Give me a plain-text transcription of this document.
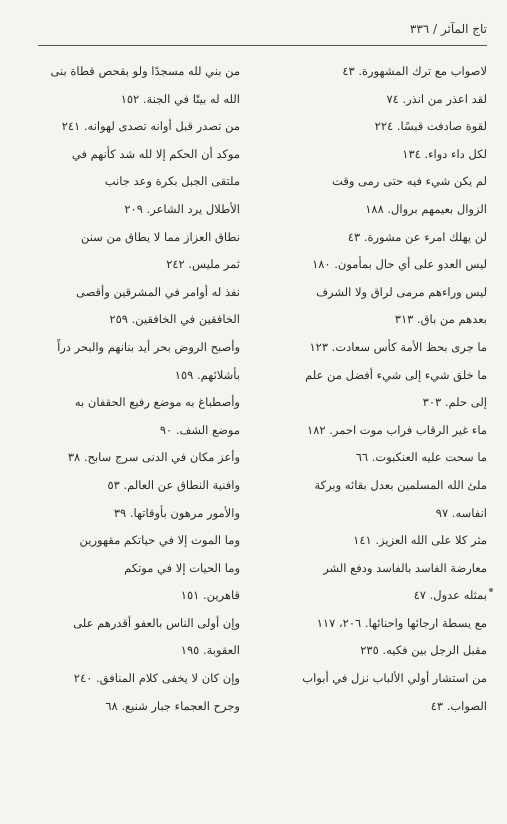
تاج المآثر / ٣٣٦
لاصواب مع ترك المشهورة. ٤٣
لقد اعذر من انذر. ٧٤
لقوة صادفت قبسًا. ٢٢٤
لكل داء دواء. ١٣٤
لم يكن شيء فيه حتى رمى وقت
الزوال بعيمهم بروال. ١٨٨
لن يهلك امرء عن مشورة. ٤٣
ليس العدو على أي حال بمأمون. ١٨٠
ليس وراءهم مرمى لراق ولا الشرف
بعدهم من باق. ٣١٣
ما جرى بحظ الأمة كأس سعادت. ١٢٣
ما خلق شيء إلى شيء أفضل من علم
إلى حلم. ٣٠٣
ماء غير الرقاب فراب موت احمر. ١٨٢
ما سحت عليه العنكبوت. ٦٦
ملئ الله المسلمين بعدل بقائه وبركة
انفاسه. ٩٧
مثر كلا على الله العزيز. ١٤١
معارضة الفاسد بالفاسد ودفع الشر
بمثله عدول. ٤٧
مع يسطة ارجائها واحنائها. ٢٠٦، ١١٧
مقبل الرجل بين فكيه. ٢٣٥
من استشار أولي الألباب نزل في أبواب
الصواب. ٤٣
من بني لله مسجدًا ولو بقحص قطاة بنى
الله له بيتًا في الجنة. ١٥٢
من تصدر قبل أوانه تصدى لهوانه. ٢٤١
موكد أن الحكم إلا لله شد كأنهم في
ملتقى الجبل بكرة وعد جانب
الأطلال يرد الشاعر. ٢٠٩
نطاق العزاز مما لا يطاق من سنن
ثمر مليس. ٢٤٢
نفذ له أوامر في المشرقين وأقصى
الخافقين في الخافقين. ٢٥٩
وأصبح الروض بحر أيد بنانهم والبحر دراً
بأشلائهم. ١٥٩
وأصطباغ به موضع رفيع الحقفان به
موضع الشف. ٩٠
وأعز مكان في الدنى سرج سابح. ٣٨
وافنية النطاق عن العالم. ٥٣
والأمور مرهون بأوقاتها. ٣٩
وما الموت إلا في حياتكم مقهورين
وما الحيات إلا في موتكم
قاهرين. ١٥١
وإن أولى الناس بالعفو أقدرهم على
العقوبة. ١٩٥
وإن كان لا يخفى كلام المنافق. ٢٤٠
وجرح العجماء جبار شنيع. ٦٨
